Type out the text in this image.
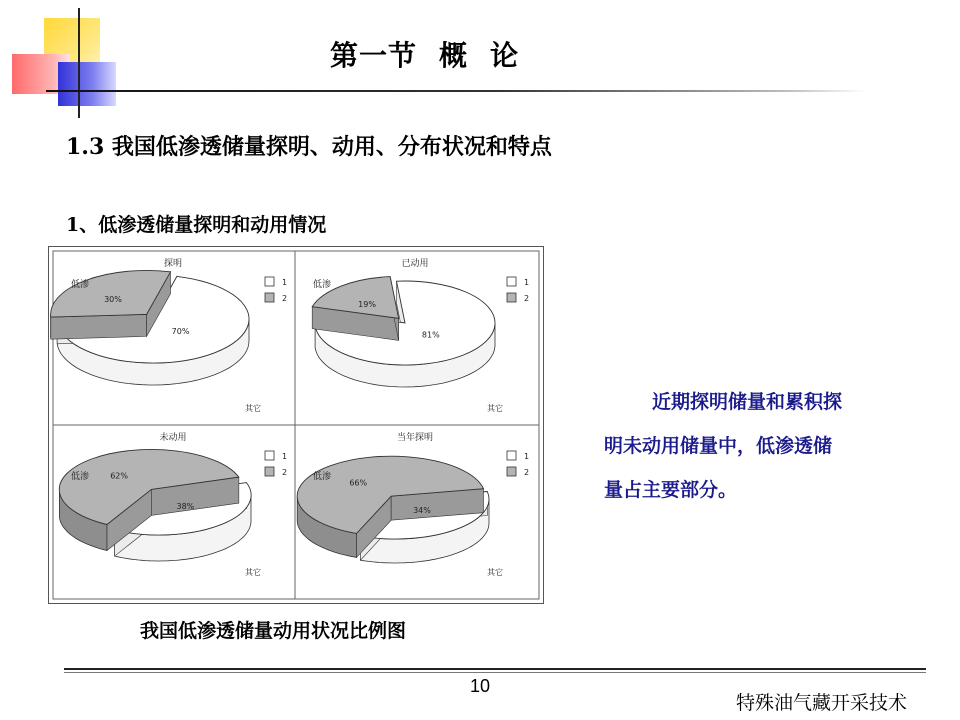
第一节 概 论
1.3 我国低渗透储量探明、动用、分布状况和特点
1、低渗透储量探明和动用情况
探明
1
2
30%
70%
低渗
其它
已动用
1
2
19%
81%
低渗
其它
未动用
1
2
62%
38%
低渗
其它
当年探明
1
2
66%
34%
低渗
其它
我国低渗透储量动用状况比例图
近期探明储量和累积探
明未动用储量中，低渗透储
量占主要部分。
10
特殊油气藏开采技术
